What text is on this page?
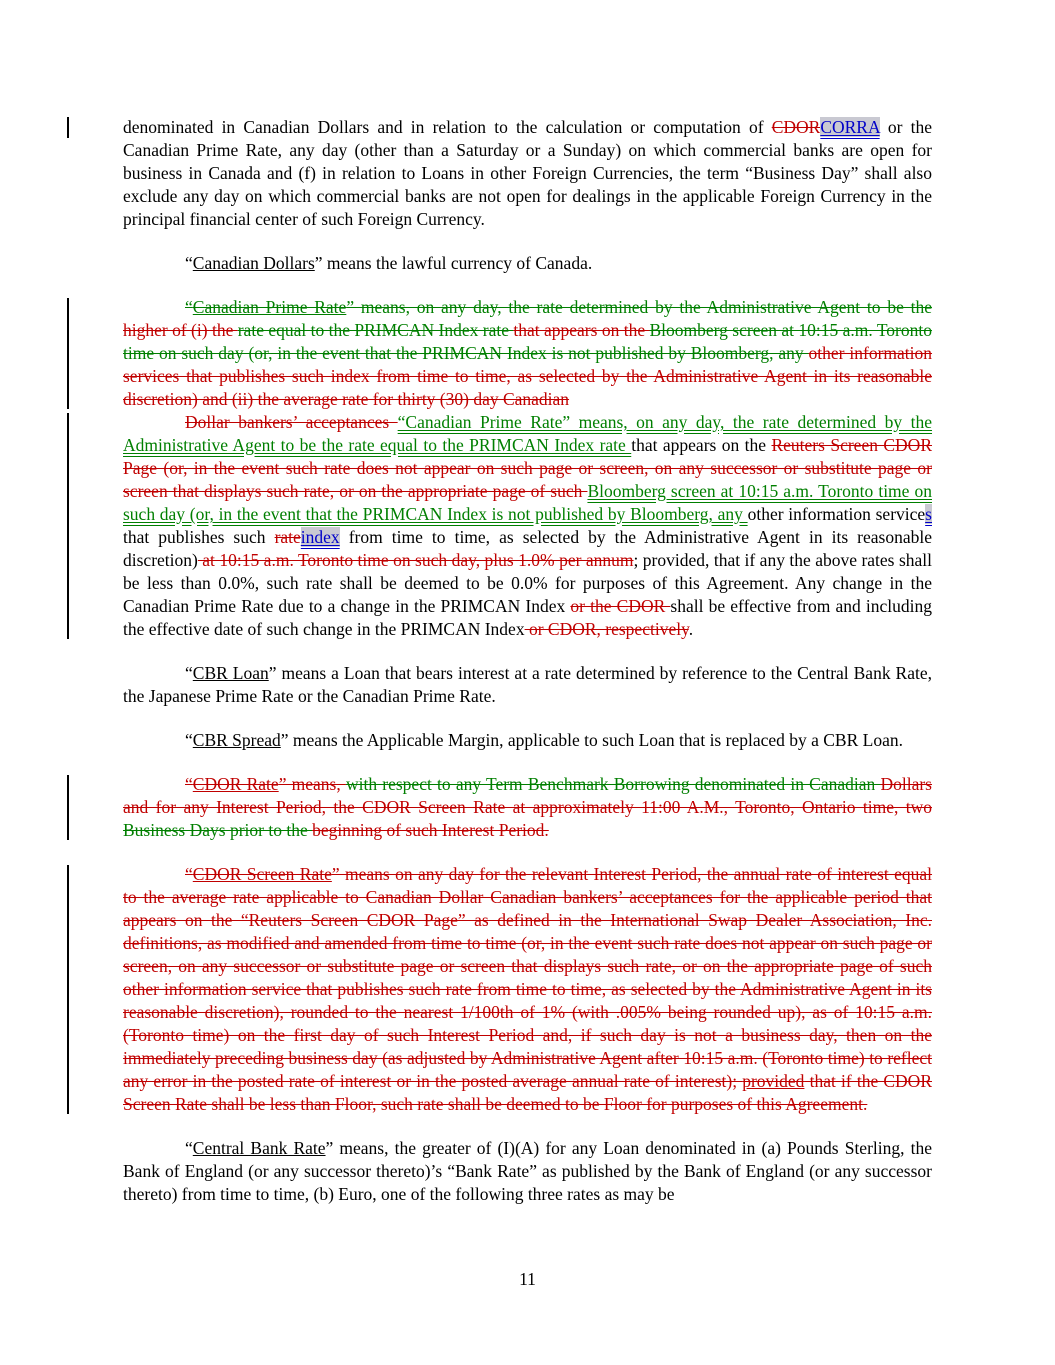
denominated in Canadian Dollars and in relation to the calculation or computation of CDORCORRA or the Canadian Prime Rate, any day (other than a Saturday or a Sunday) on which commercial banks are open for business in Canada and (f) in relation to Loans in other Foreign Currencies, the term “Business Day” shall also exclude any day on which commercial banks are not open for dealings in the applicable Foreign Currency in the principal financial center of such Foreign Currency.
“Canadian Dollars” means the lawful currency of Canada.
“Canadian Prime Rate” means, on any day, the rate determined by the Administrative Agent to be the higher of (i) the rate equal to the PRIMCAN Index rate that appears on the Bloomberg screen at 10:15 a.m. Toronto time on such day (or, in the event that the PRIMCAN Index is not published by Bloomberg, any other information services that publishes such index from time to time, as selected by the Administrative Agent in its reasonable discretion) and (ii) the average rate for thirty (30) day Canadian
Dollar bankers’ acceptances “Canadian Prime Rate” means, on any day, the rate determined by the Administrative Agent to be the rate equal to the PRIMCAN Index rate that appears on the Reuters Screen CDOR Page (or, in the event such rate does not appear on such page or screen, on any successor or substitute page or screen that displays such rate, or on the appropriate page of such Bloomberg screen at 10:15 a.m. Toronto time on such day (or, in the event that the PRIMCAN Index is not published by Bloomberg, any other information services that publishes such rateindex from time to time, as selected by the Administrative Agent in its reasonable discretion) at 10:15 a.m. Toronto time on such day, plus 1.0% per annum; provided, that if any the above rates shall be less than 0.0%, such rate shall be deemed to be 0.0% for purposes of this Agreement. Any change in the Canadian Prime Rate due to a change in the PRIMCAN Index or the CDOR shall be effective from and including the effective date of such change in the PRIMCAN Index or CDOR, respectively.
“CBR Loan” means a Loan that bears interest at a rate determined by reference to the Central Bank Rate, the Japanese Prime Rate or the Canadian Prime Rate.
“CBR Spread” means the Applicable Margin, applicable to such Loan that is replaced by a CBR Loan.
“CDOR Rate” means, with respect to any Term Benchmark Borrowing denominated in Canadian Dollars and for any Interest Period, the CDOR Screen Rate at approximately 11:00 A.M., Toronto, Ontario time, two Business Days prior to the beginning of such Interest Period.
“CDOR Screen Rate” means on any day for the relevant Interest Period, the annual rate of interest equal to the average rate applicable to Canadian Dollar Canadian bankers’ acceptances for the applicable period that appears on the “Reuters Screen CDOR Page” as defined in the International Swap Dealer Association, Inc. definitions, as modified and amended from time to time (or, in the event such rate does not appear on such page or screen, on any successor or substitute page or screen that displays such rate, or on the appropriate page of such other information service that publishes such rate from time to time, as selected by the Administrative Agent in its reasonable discretion), rounded to the nearest 1/100th of 1% (with .005% being rounded up), as of 10:15 a.m. (Toronto time) on the first day of such Interest Period and, if such day is not a business day, then on the immediately preceding business day (as adjusted by Administrative Agent after 10:15 a.m. (Toronto time) to reflect any error in the posted rate of interest or in the posted average annual rate of interest); provided that if the CDOR Screen Rate shall be less than Floor, such rate shall be deemed to be Floor for purposes of this Agreement.
“Central Bank Rate” means, the greater of (I)(A) for any Loan denominated in (a) Pounds Sterling, the Bank of England (or any successor thereto)’s “Bank Rate” as published by the Bank of England (or any successor thereto) from time to time, (b) Euro, one of the following three rates as may be
11
